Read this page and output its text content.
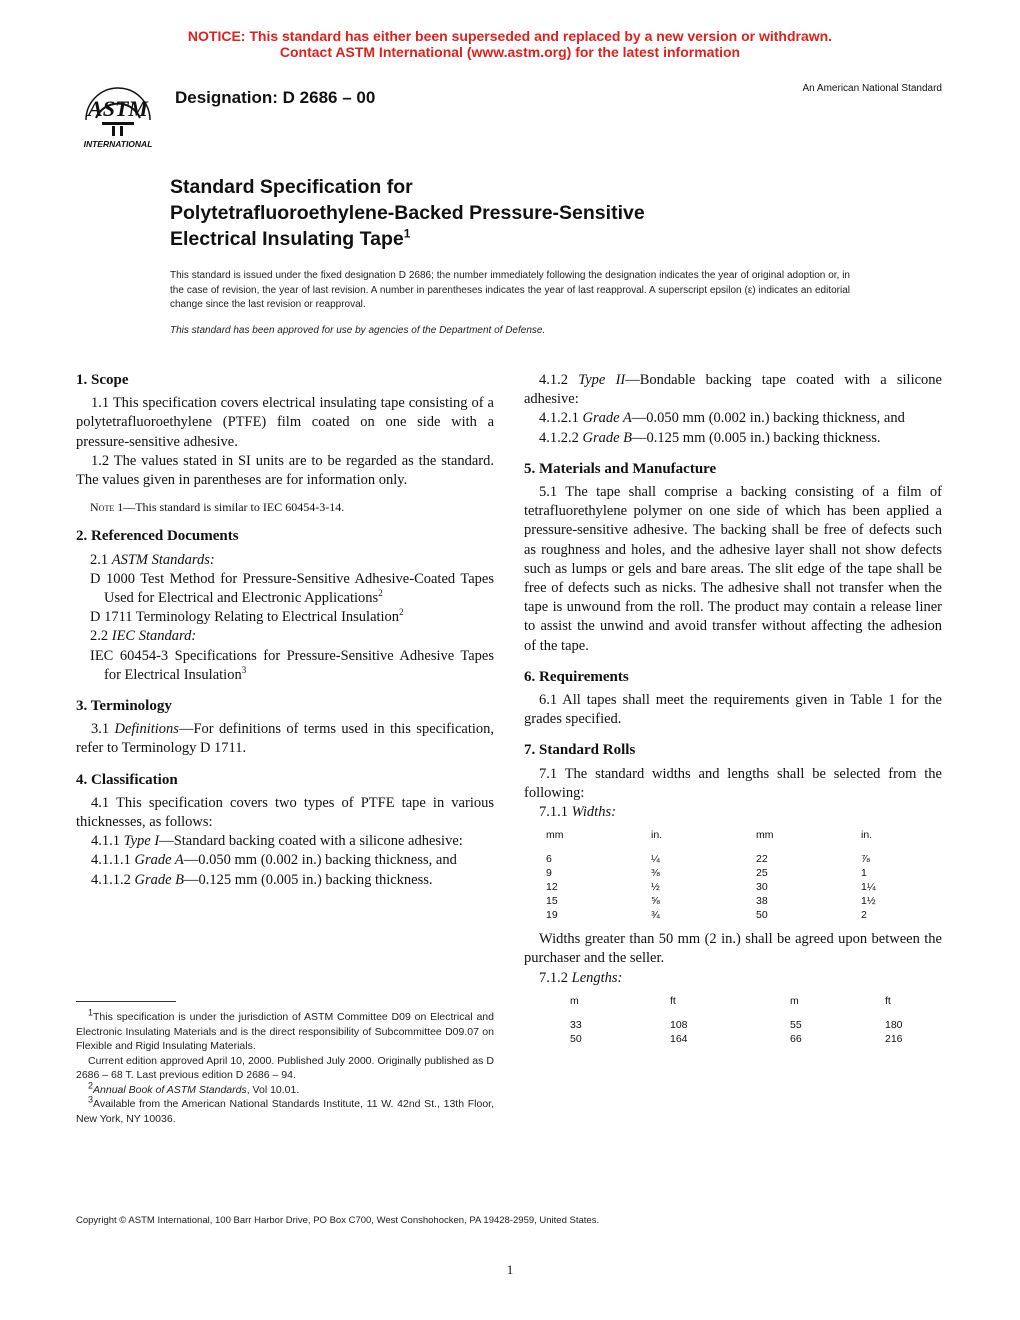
NOTICE: This standard has either been superseded and replaced by a new version or withdrawn.
Contact ASTM International (www.astm.org) for the latest information
ASTM
INTERNATIONAL
Designation: D 2686 – 00	An American National Standard
Standard Specification for
Polytetrafluoroethylene-Backed Pressure-Sensitive
Electrical Insulating Tape$^1$
This standard is issued under the fixed designation D 2686; the number immediately following the designation indicates the year of original adoption or, in the case of revision, the year of last revision. A number in parentheses indicates the year of last reapproval. A superscript epsilon (ε) indicates an editorial change since the last revision or reapproval.
This standard has been approved for use by agencies of the Department of Defense.
1. Scope

1.1 This specification covers electrical insulating tape consisting of a polytetrafluoroethylene (PTFE) film coated on one side with a pressure-sensitive adhesive.

1.2 The values stated in SI units are to be regarded as the standard. The values given in parentheses are for information only.

Note 1—This standard is similar to IEC 60454-3-14.
2. Referenced Documents

2.1 ASTM Standards:

D 1000 Test Method for Pressure-Sensitive Adhesive-Coated Tapes Used for Electrical and Electronic Applications$^2$

D 1711 Terminology Relating to Electrical Insulation$^2$

2.2 IEC Standard:

IEC 60454-3 Specifications for Pressure-Sensitive Adhesive Tapes for Electrical Insulation$^3$

3. Terminology

3.1 Definitions—For definitions of terms used in this specification, refer to Terminology D 1711.

4. Classification

4.1 This specification covers two types of PTFE tape in various thicknesses, as follows:

4.1.1 Type I—Standard backing coated with a silicone adhesive:

4.1.1.1 Grade A—0.050 mm (0.002 in.) backing thickness, and

4.1.1.2 Grade B—0.125 mm (0.005 in.) backing thickness.

4.1.2 Type II—Bondable backing tape coated with a silicone adhesive:

4.1.2.1 Grade A—0.050 mm (0.002 in.) backing thickness, and

4.1.2.2 Grade B—0.125 mm (0.005 in.) backing thickness.

5. Materials and Manufacture

5.1 The tape shall comprise a backing consisting of a film of tetrafluorethylene polymer on one side of which has been applied a pressure-sensitive adhesive. The backing shall be free of defects such as roughness and holes, and the adhesive layer shall not show defects such as lumps or gels and bare areas. The slit edge of the tape shall be free of defects such as nicks. The adhesive shall not transfer when the tape is unwound from the roll. The product may contain a release liner to assist the unwind and avoid transfer without affecting the adhesion of the tape.

6. Requirements

6.1 All tapes shall meet the requirements given in Table 1 for the grades specified.

7. Standard Rolls

7.1 The standard widths and lengths shall be selected from the following:

7.1.1 Widths:

mm	in.	mm	in.

6	¼	22	⅞
9	⅜	25	1
12	½	30	1¼
15	⅝	38	1½
19	¾	50	2

Widths greater than 50 mm (2 in.) shall be agreed upon between the purchaser and the seller.

7.1.2 Lengths:

m	ft	m	ft

33	108	55	180
50	164	66	216

$^1$This specification is under the jurisdiction of ASTM Committee D09 on Electrical and Electronic Insulating Materials and is the direct responsibility of Subcommittee D09.07 on Flexible and Rigid Insulating Materials.

Current edition approved April 10, 2000. Published July 2000. Originally published as D 2686 – 68 T. Last previous edition D 2686 – 94.

$^2$Annual Book of ASTM Standards, Vol 10.01.

$^3$Available from the American National Standards Institute, 11 W. 42nd St., 13th Floor, New York, NY 10036.

Copyright © ASTM International, 100 Barr Harbor Drive, PO Box C700, West Conshohocken, PA 19428-2959, United States.
1
